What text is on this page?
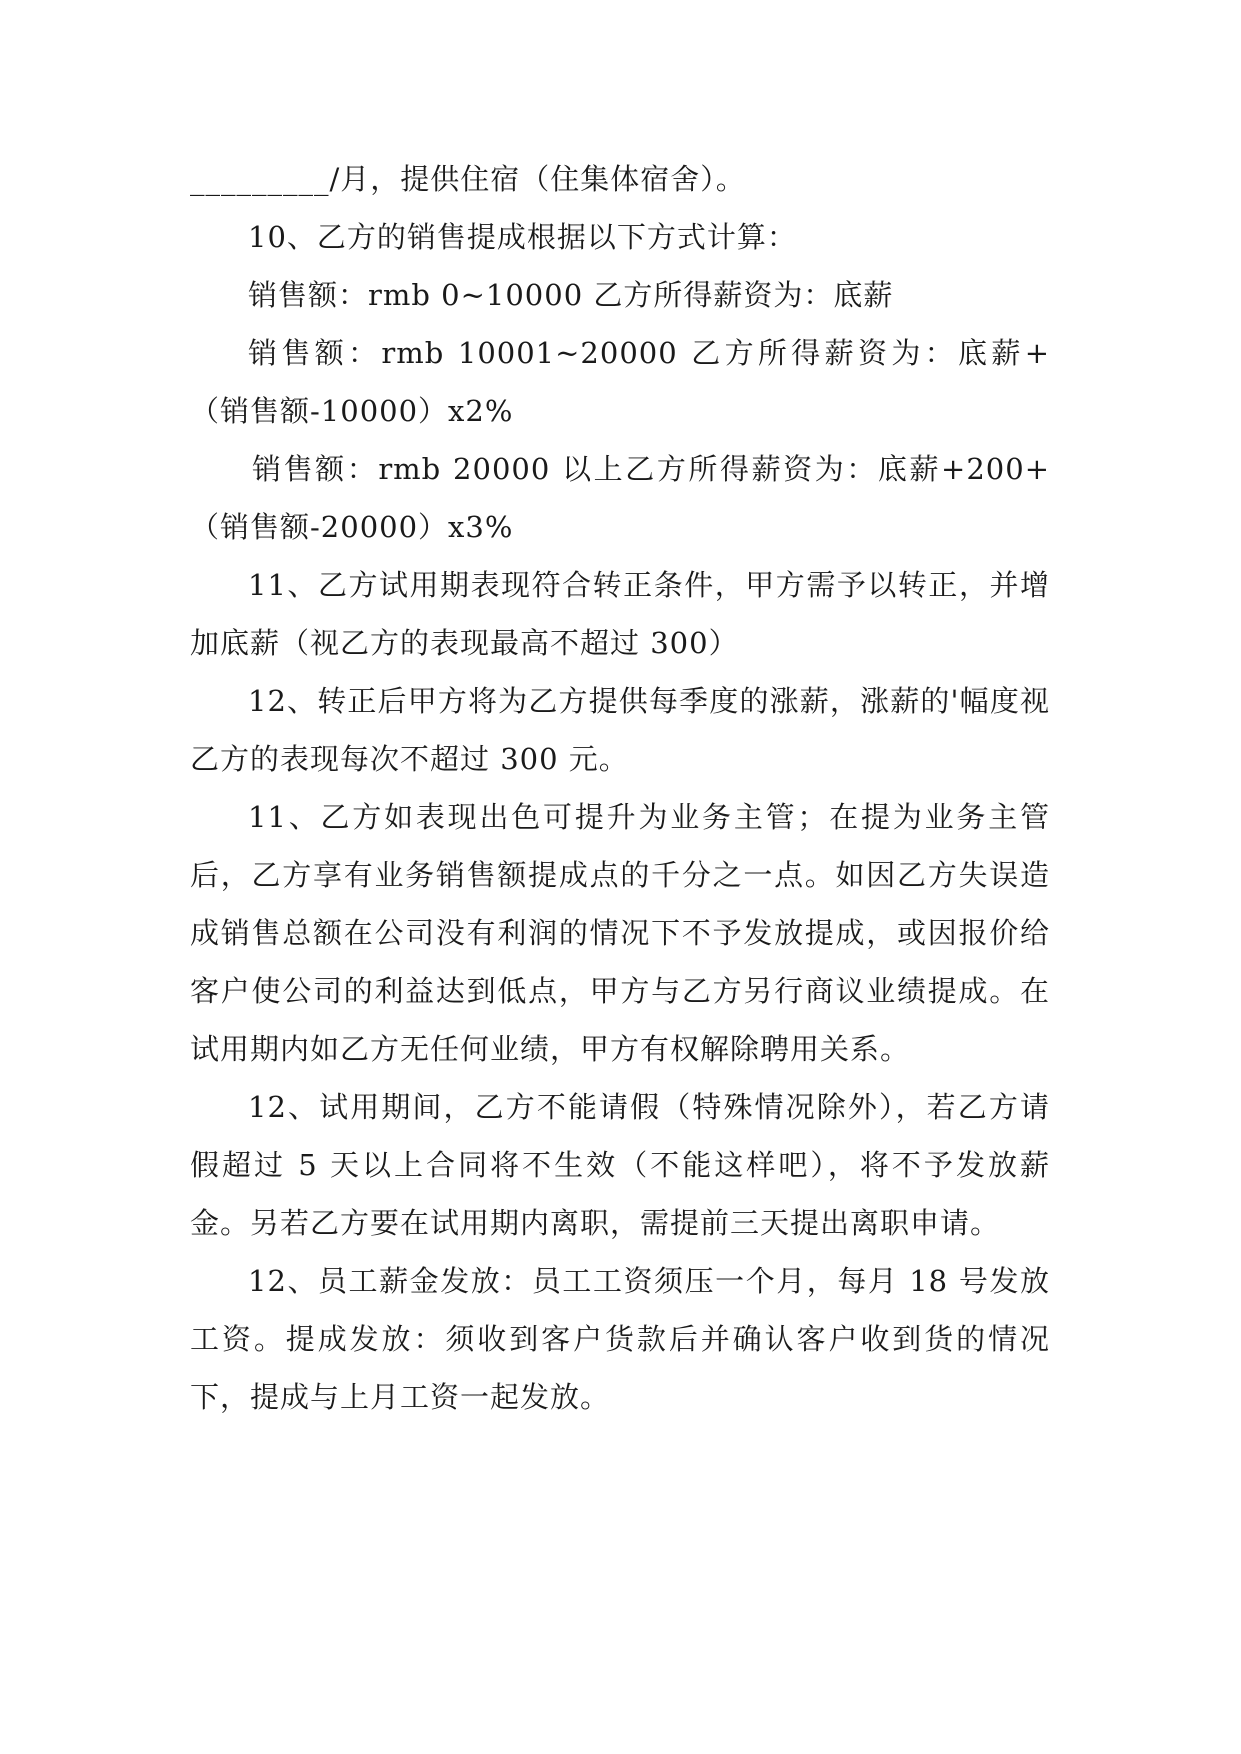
_________/月，提供住宿（住集体宿舍）。

10、乙方的销售提成根据以下方式计算：

销售额：rmb 0~10000 乙方所得薪资为：底薪

销售额：rmb 10001~20000 乙方所得薪资为：底薪+（销售额-10000）x2%

销售额：rmb 20000 以上乙方所得薪资为：底薪+200+（销售额-20000）x3%

11、乙方试用期表现符合转正条件，甲方需予以转正，并增加底薪（视乙方的表现最高不超过 300）

12、转正后甲方将为乙方提供每季度的涨薪，涨薪的'幅度视乙方的表现每次不超过 300 元。

11、乙方如表现出色可提升为业务主管；在提为业务主管后，乙方享有业务销售额提成点的千分之一点。如因乙方失误造成销售总额在公司没有利润的情况下不予发放提成，或因报价给客户使公司的利益达到低点，甲方与乙方另行商议业绩提成。在试用期内如乙方无任何业绩，甲方有权解除聘用关系。

12、试用期间，乙方不能请假（特殊情况除外），若乙方请假超过 5 天以上合同将不生效（不能这样吧），将不予发放薪金。另若乙方要在试用期内离职，需提前三天提出离职申请。

12、员工薪金发放：员工工资须压一个月，每月 18 号发放工资。提成发放：须收到客户货款后并确认客户收到货的情况下，提成与上月工资一起发放。
